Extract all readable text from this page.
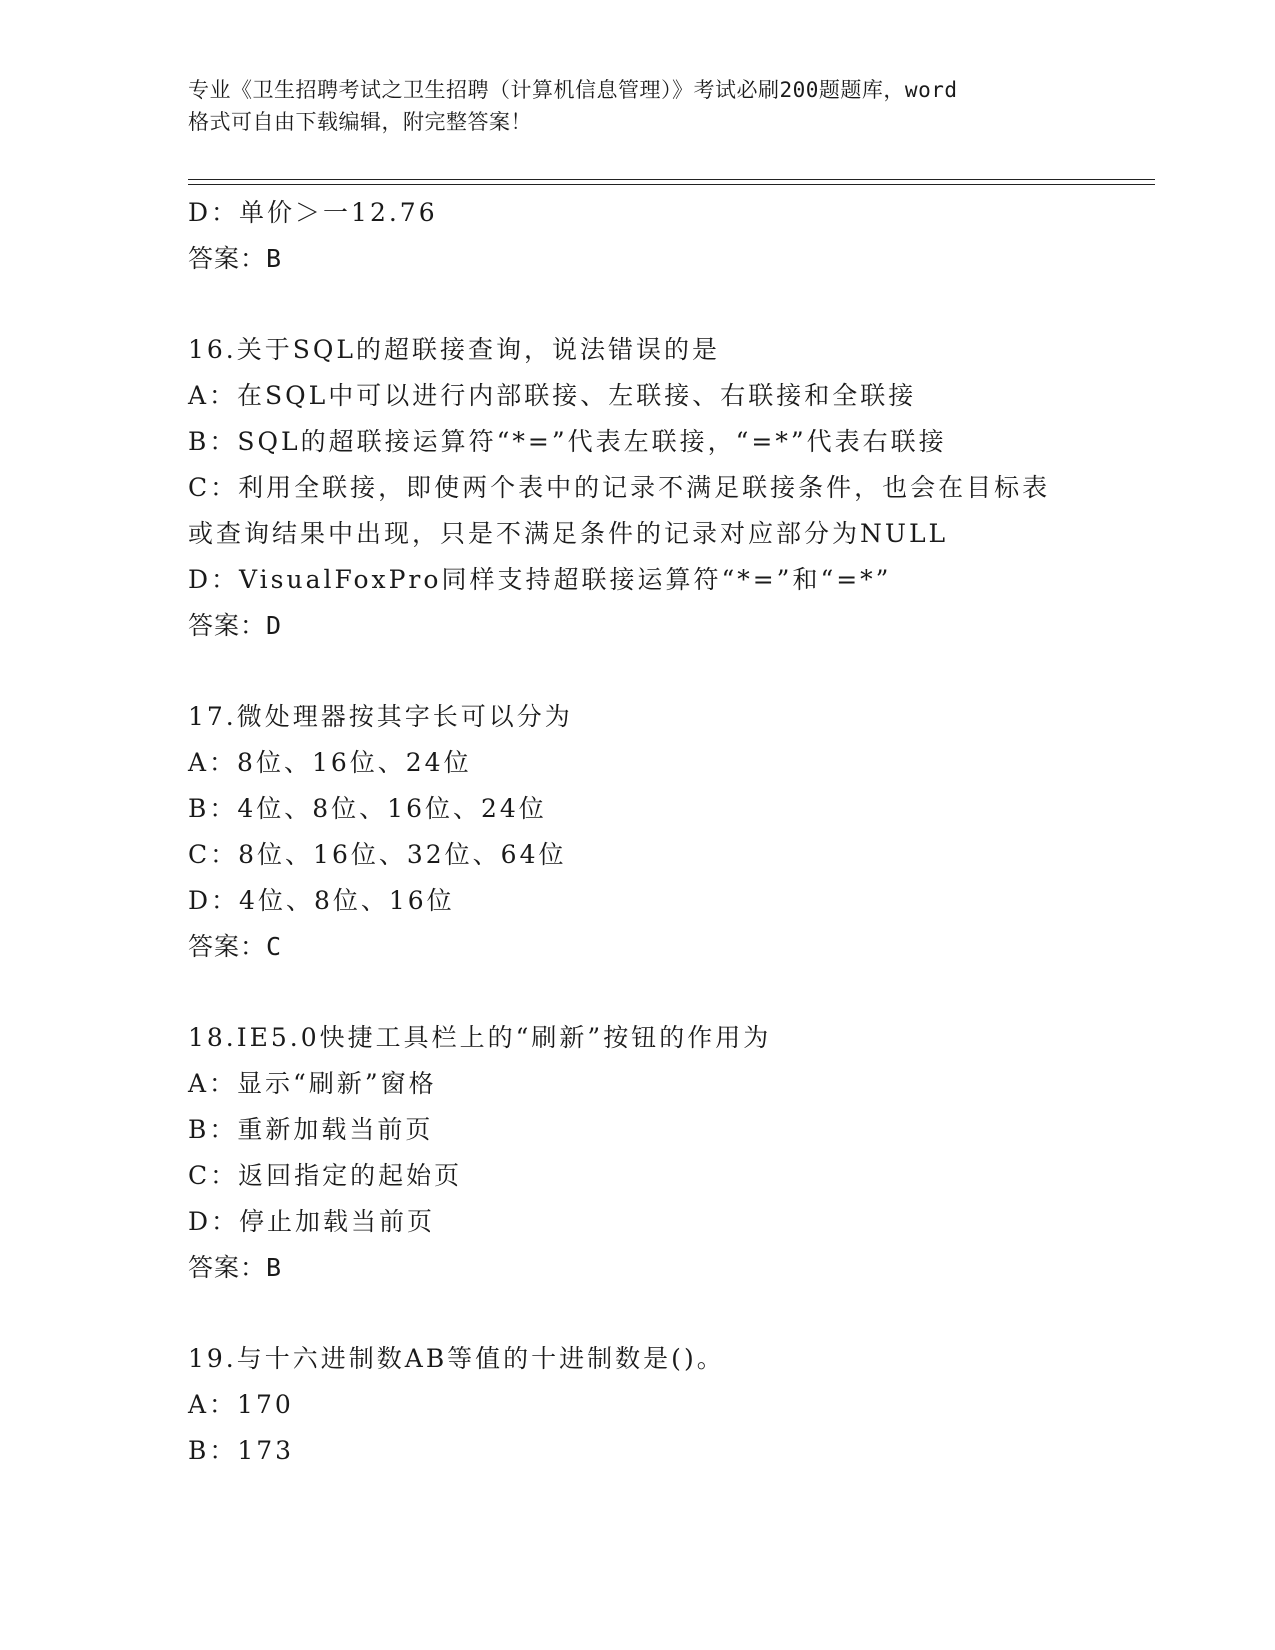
专业《卫生招聘考试之卫生招聘（计算机信息管理）》考试必刷200题题库，word
格式可自由下载编辑，附完整答案！
D：单价＞一12.76
答案：B
16.关于SQL的超联接查询，说法错误的是
A：在SQL中可以进行内部联接、左联接、右联接和全联接
B：SQL的超联接运算符“*=”代表左联接，“=*”代表右联接
C：利用全联接，即使两个表中的记录不满足联接条件，也会在目标表
或查询结果中出现，只是不满足条件的记录对应部分为NULL
D：VisualFoxPro同样支持超联接运算符“*=”和“=*”
答案：D
17.微处理器按其字长可以分为
A：8位、16位、24位
B：4位、8位、16位、24位
C：8位、16位、32位、64位
D：4位、8位、16位
答案：C
18.IE5.0快捷工具栏上的“刷新”按钮的作用为
A：显示“刷新”窗格
B：重新加载当前页
C：返回指定的起始页
D：停止加载当前页
答案：B
19.与十六进制数AB等值的十进制数是()。
A：170
B：173
